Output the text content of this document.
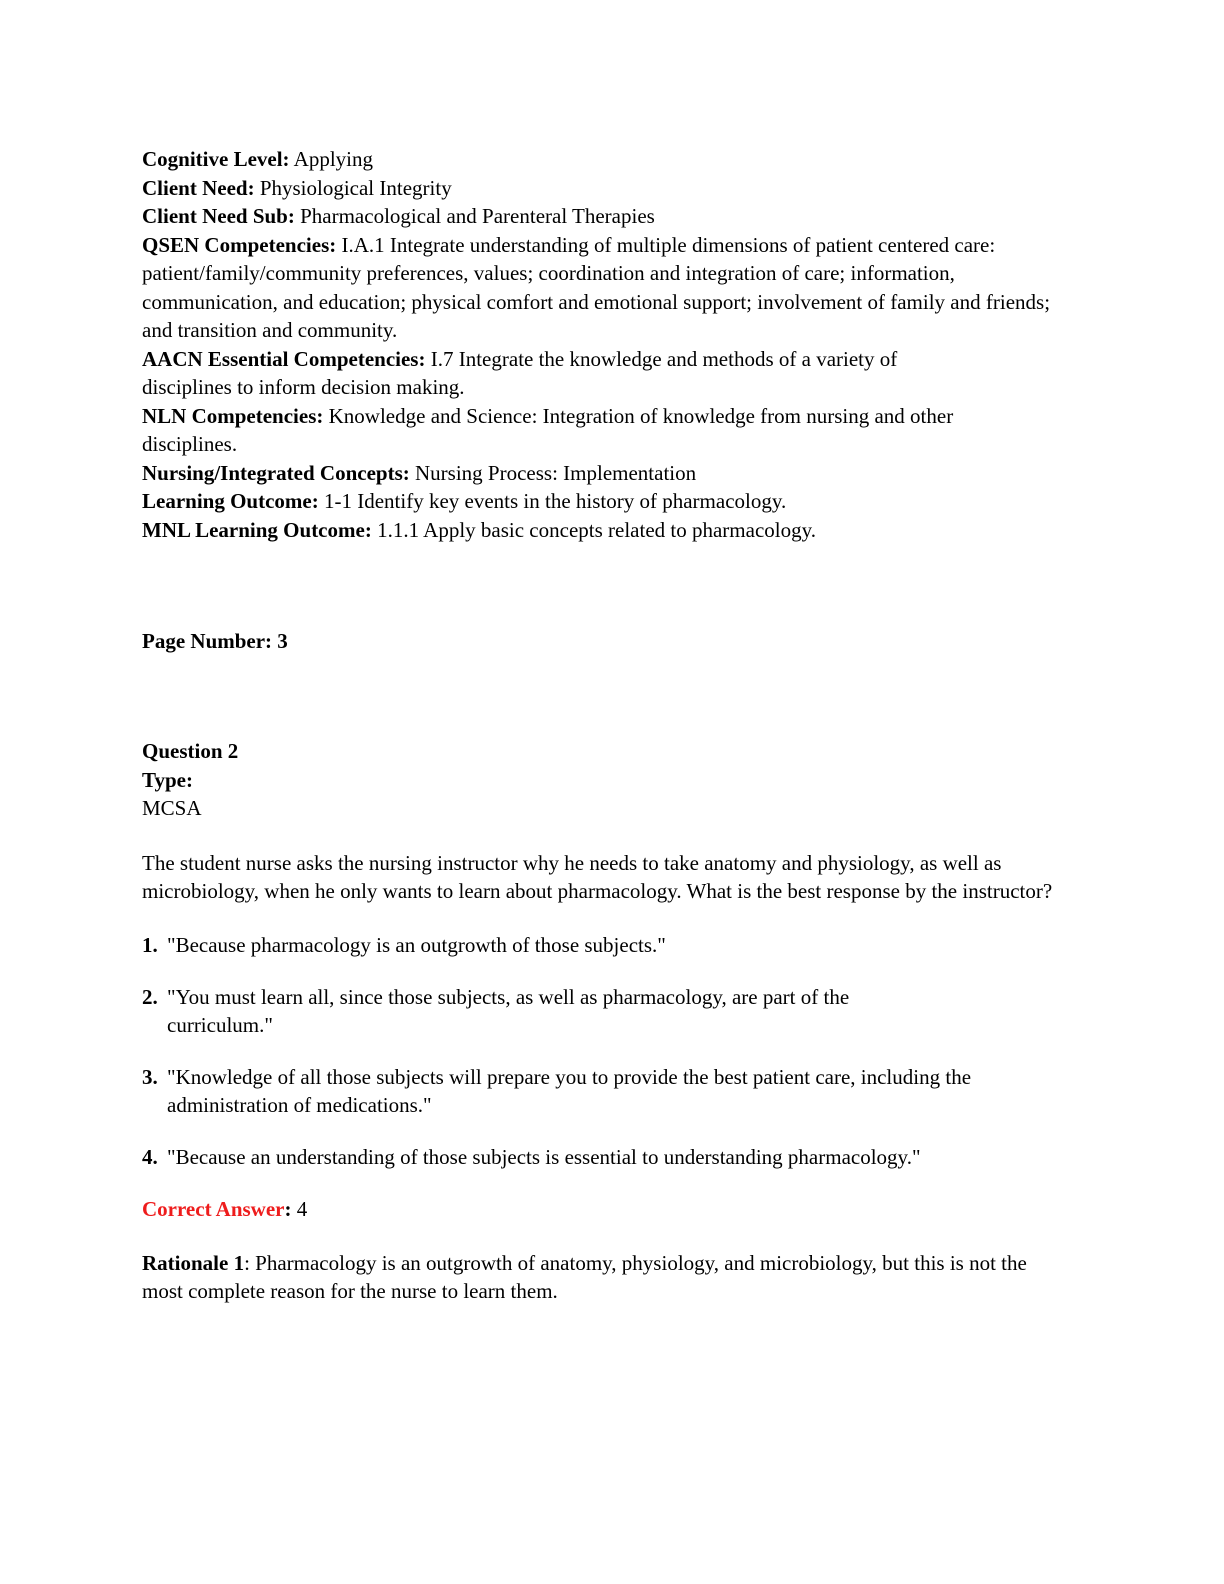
Cognitive Level: Applying

Client Need: Physiological Integrity

Client Need Sub: Pharmacological and Parenteral Therapies

QSEN Competencies: I.A.1 Integrate understanding of multiple dimensions of patient centered care: patient/family/community preferences, values; coordination and integration of care; information, communication, and education; physical comfort and emotional support; involvement of family and friends; and transition and community.

AACN Essential Competencies: I.7 Integrate the knowledge and methods of a variety of disciplines to inform decision making.

NLN Competencies: Knowledge and Science: Integration of knowledge from nursing and other disciplines.

Nursing/Integrated Concepts: Nursing Process: Implementation

Learning Outcome: 1-1 Identify key events in the history of pharmacology.

MNL Learning Outcome: 1.1.1 Apply basic concepts related to pharmacology.

Page Number: 3
Question 2
Type:
MCSA
The student nurse asks the nursing instructor why he needs to take anatomy and physiology, as well as microbiology, when he only wants to learn about pharmacology. What is the best response by the instructor?
1. "Because pharmacology is an outgrowth of those subjects."
2. "You must learn all, since those subjects, as well as pharmacology, are part of the curriculum."
3. "Knowledge of all those subjects will prepare you to provide the best patient care, including the administration of medications."
4. "Because an understanding of those subjects is essential to understanding pharmacology."
Correct Answer: 4
Rationale 1: Pharmacology is an outgrowth of anatomy, physiology, and microbiology, but this is not the most complete reason for the nurse to learn them.
